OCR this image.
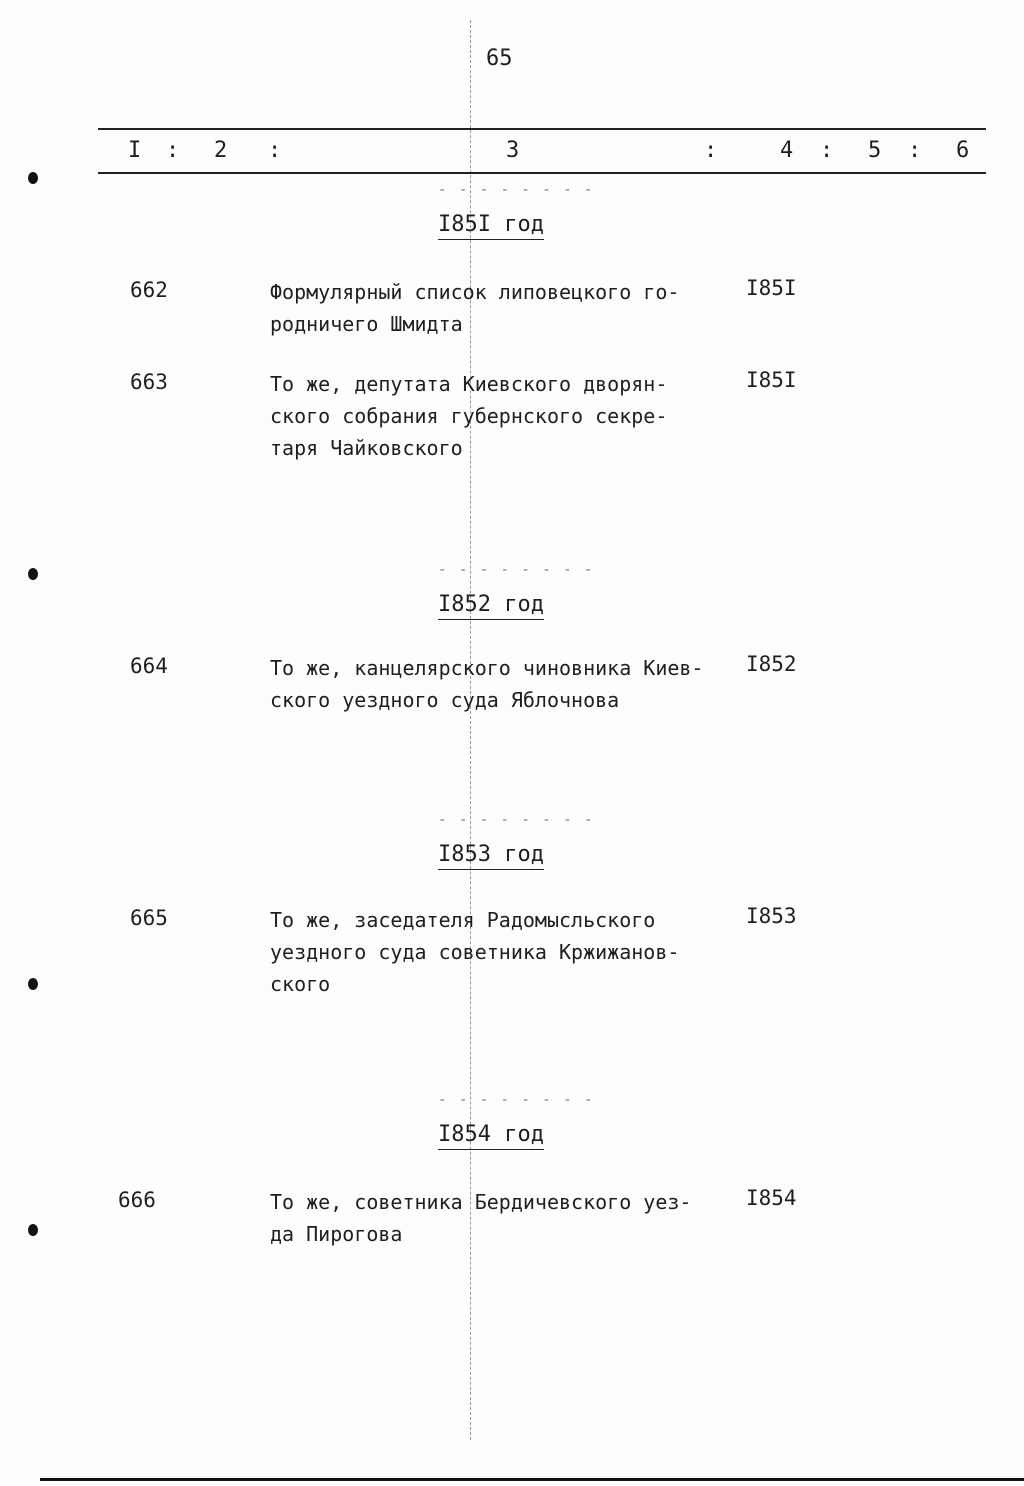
65
I : 2 :	3	:	4 : 5 : 6
- - - - - - - -
I85I год
662	Формулярный список липовецкого го-
родничего Шмидта
I85I
663	То же, депутата Киевского дворян-
ского собрания губернского секре-
таря Чайковского
I85I
- - - - - - - -
I852 год
664	То же, канцелярского чиновника Киев-
ского уездного суда Яблочнова
I852
- - - - - - - -
I853 год
665	То же, заседателя Радомысльского
уездного суда советника Кржижанов-
ского
I853
- - - - - - - -
I854 год
666	То же, советника Бердичевского уез-
да Пирогова
I854
